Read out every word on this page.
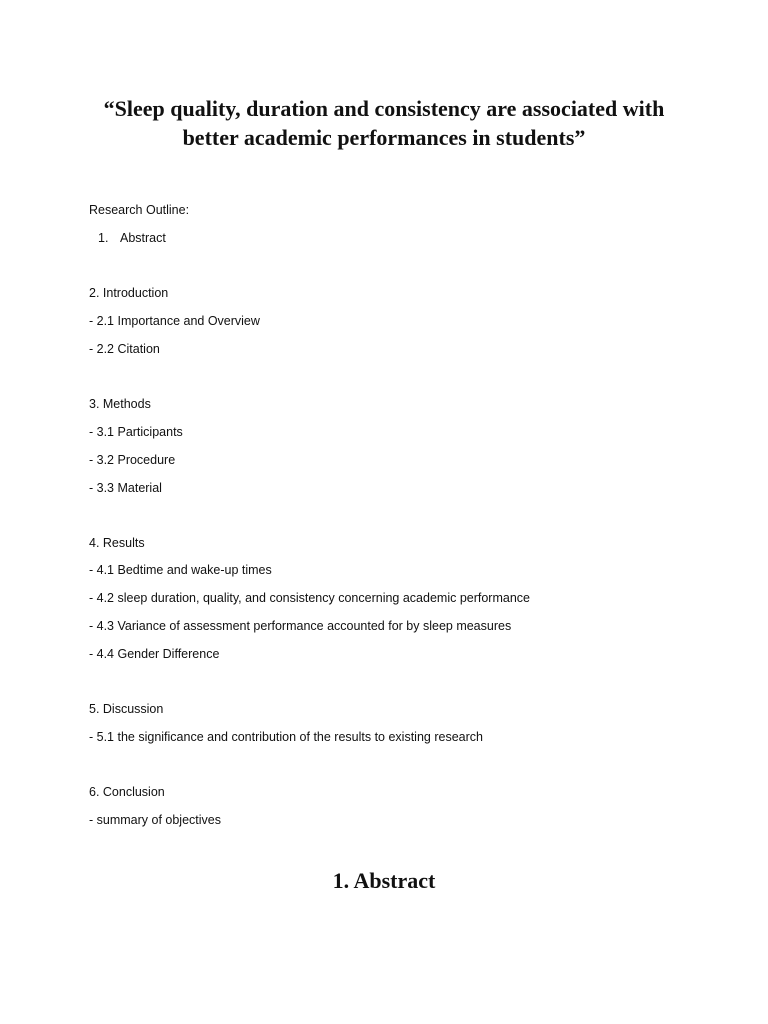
“Sleep quality, duration and consistency are associated with
better academic performances in students”

Research Outline:

1. Abstract

2. Introduction

- 2.1 Importance and Overview

- 2.2 Citation

3. Methods

- 3.1 Participants

- 3.2 Procedure

- 3.3 Material

4. Results

- 4.1 Bedtime and wake-up times

- 4.2 sleep duration, quality, and consistency concerning academic performance

- 4.3 Variance of assessment performance accounted for by sleep measures

- 4.4 Gender Difference

5. Discussion

- 5.1 the significance and contribution of the results to existing research

6. Conclusion

- summary of objectives

1. Abstract
